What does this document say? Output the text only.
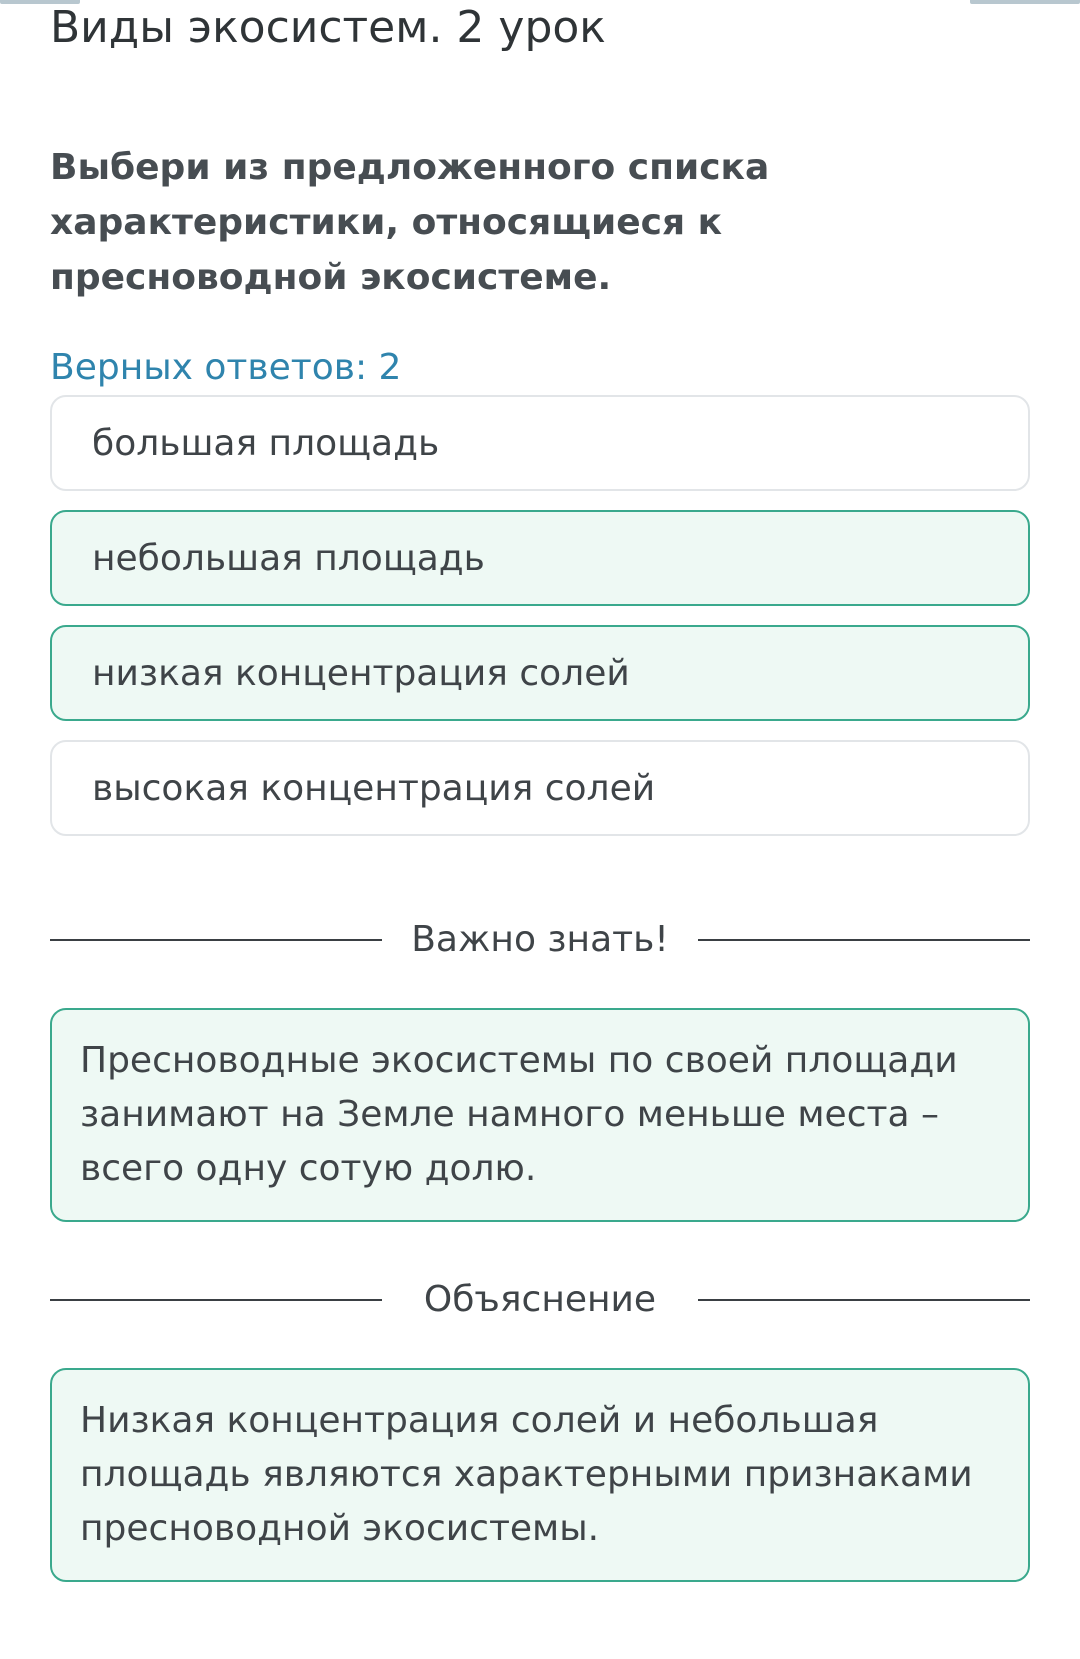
Виды экосистем. 2 урок
Выбери из предложенного списка характеристики, относящиеся к пресноводной экосистеме.
Верных ответов: 2
большая площадь
небольшая площадь
низкая концентрация солей
высокая концентрация солей
Важно знать!
Пресноводные экосистемы по своей площади занимают на Земле намного меньше места – всего одну сотую долю.
Объяснение
Низкая концентрация солей и небольшая площадь являются характерными признаками пресноводной экосистемы.
